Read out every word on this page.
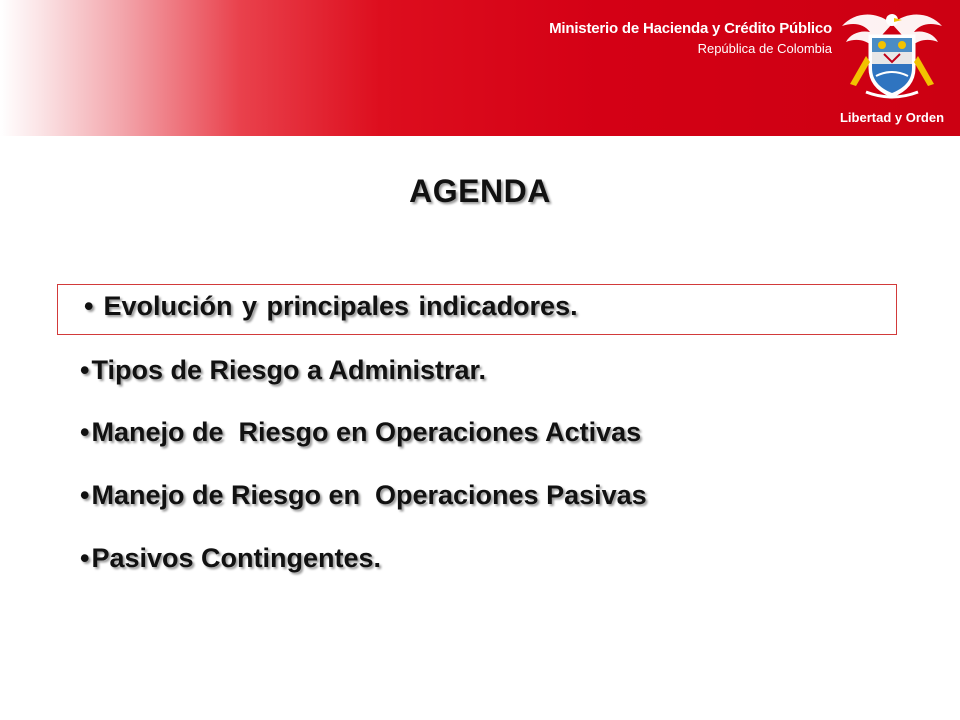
Ministerio de Hacienda y Crédito Público
República de Colombia
Libertad y Orden
AGENDA
• Evolución y principales indicadores.
•Tipos de Riesgo a Administrar.
•Manejo de  Riesgo en Operaciones Activas
•Manejo de Riesgo en  Operaciones Pasivas
•Pasivos Contingentes.
